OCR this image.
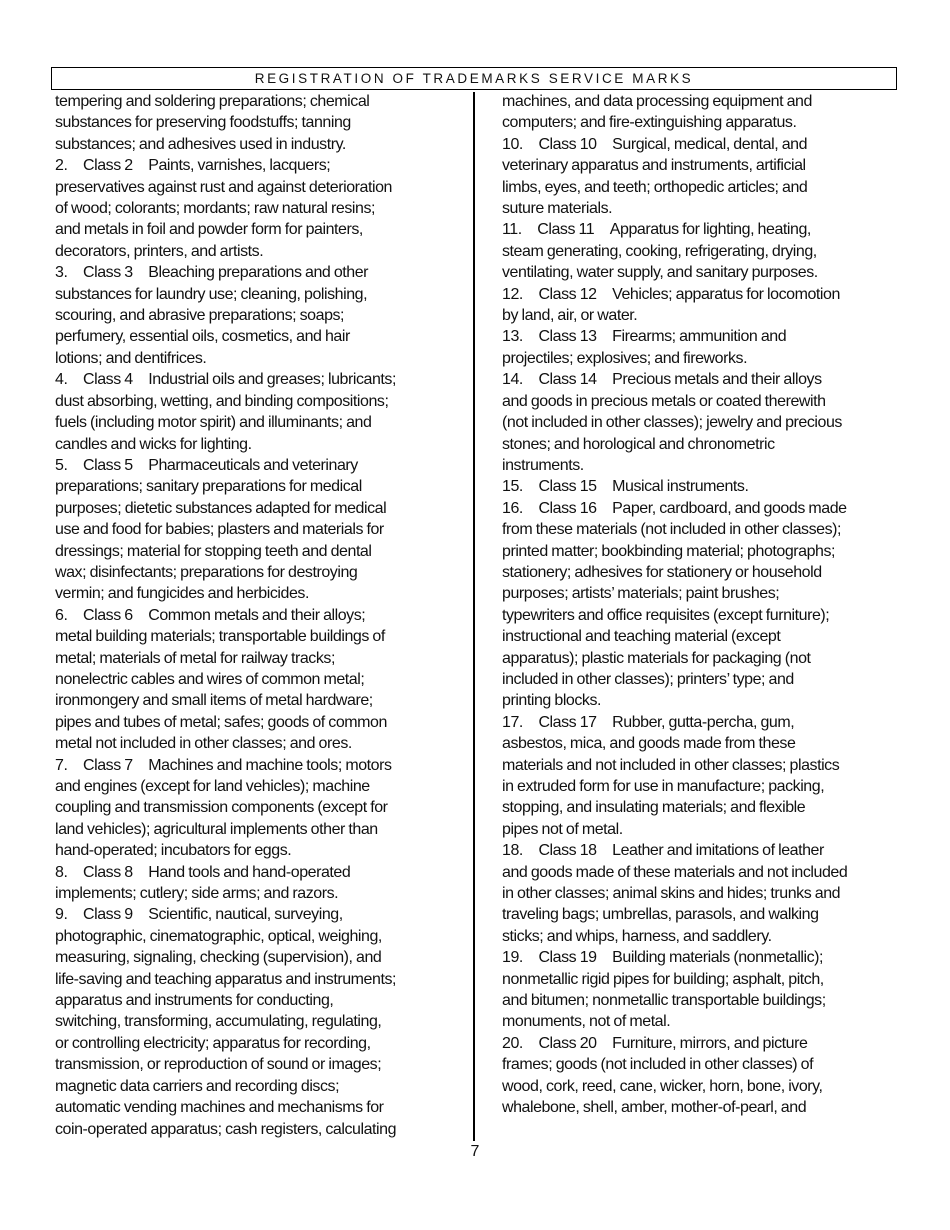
REGISTRATION OF TRADEMARKS SERVICE MARKS

tempering and soldering preparations; chemical

substances for preserving foodstuffs; tanning

substances; and adhesives used in industry.

2. Class 2 Paints, varnishes, lacquers;

preservatives against rust and against deterioration

of wood; colorants; mordants; raw natural resins;

and metals in foil and powder form for painters,

decorators, printers, and artists.

3. Class 3 Bleaching preparations and other

substances for laundry use; cleaning, polishing,

scouring, and abrasive preparations; soaps;

perfumery, essential oils, cosmetics, and hair

lotions; and dentifrices.

4. Class 4 Industrial oils and greases; lubricants;

dust absorbing, wetting, and binding compositions;

fuels (including motor spirit) and illuminants; and

candles and wicks for lighting.

5. Class 5 Pharmaceuticals and veterinary

preparations; sanitary preparations for medical

purposes; dietetic substances adapted for medical

use and food for babies; plasters and materials for

dressings; material for stopping teeth and dental

wax; disinfectants; preparations for destroying

vermin; and fungicides and herbicides.

6. Class 6 Common metals and their alloys;

metal building materials; transportable buildings of

metal; materials of metal for railway tracks;

nonelectric cables and wires of common metal;

ironmongery and small items of metal hardware;

pipes and tubes of metal; safes; goods of common

metal not included in other classes; and ores.

7. Class 7 Machines and machine tools; motors

and engines (except for land vehicles); machine

coupling and transmission components (except for

land vehicles); agricultural implements other than

hand-operated; incubators for eggs.

8. Class 8 Hand tools and hand-operated

implements; cutlery; side arms; and razors.

9. Class 9 Scientific, nautical, surveying,

photographic, cinematographic, optical, weighing,

measuring, signaling, checking (supervision), and

life-saving and teaching apparatus and instruments;

apparatus and instruments for conducting,

switching, transforming, accumulating, regulating,

or controlling electricity; apparatus for recording,

transmission, or reproduction of sound or images;

magnetic data carriers and recording discs;

automatic vending machines and mechanisms for

coin-operated apparatus; cash registers, calculating

machines, and data processing equipment and

computers; and fire-extinguishing apparatus.

10. Class 10 Surgical, medical, dental, and

veterinary apparatus and instruments, artificial

limbs, eyes, and teeth; orthopedic articles; and

suture materials.

11. Class 11 Apparatus for lighting, heating,

steam generating, cooking, refrigerating, drying,

ventilating, water supply, and sanitary purposes.

12. Class 12 Vehicles; apparatus for locomotion

by land, air, or water.

13. Class 13 Firearms; ammunition and

projectiles; explosives; and fireworks.

14. Class 14 Precious metals and their alloys

and goods in precious metals or coated therewith

(not included in other classes); jewelry and precious

stones; and horological and chronometric

instruments.

15. Class 15 Musical instruments.

16. Class 16 Paper, cardboard, and goods made

from these materials (not included in other classes);

printed matter; bookbinding material; photographs;

stationery; adhesives for stationery or household

purposes; artists’ materials; paint brushes;

typewriters and office requisites (except furniture);

instructional and teaching material (except

apparatus); plastic materials for packaging (not

included in other classes); printers’ type; and

printing blocks.

17. Class 17 Rubber, gutta-percha, gum,

asbestos, mica, and goods made from these

materials and not included in other classes; plastics

in extruded form for use in manufacture; packing,

stopping, and insulating materials; and flexible

pipes not of metal.

18. Class 18 Leather and imitations of leather

and goods made of these materials and not included

in other classes; animal skins and hides; trunks and

traveling bags; umbrellas, parasols, and walking

sticks; and whips, harness, and saddlery.

19. Class 19 Building materials (nonmetallic);

nonmetallic rigid pipes for building; asphalt, pitch,

and bitumen; nonmetallic transportable buildings;

monuments, not of metal.

20. Class 20 Furniture, mirrors, and picture

frames; goods (not included in other classes) of

wood, cork, reed, cane, wicker, horn, bone, ivory,

whalebone, shell, amber, mother-of-pearl, and

7
